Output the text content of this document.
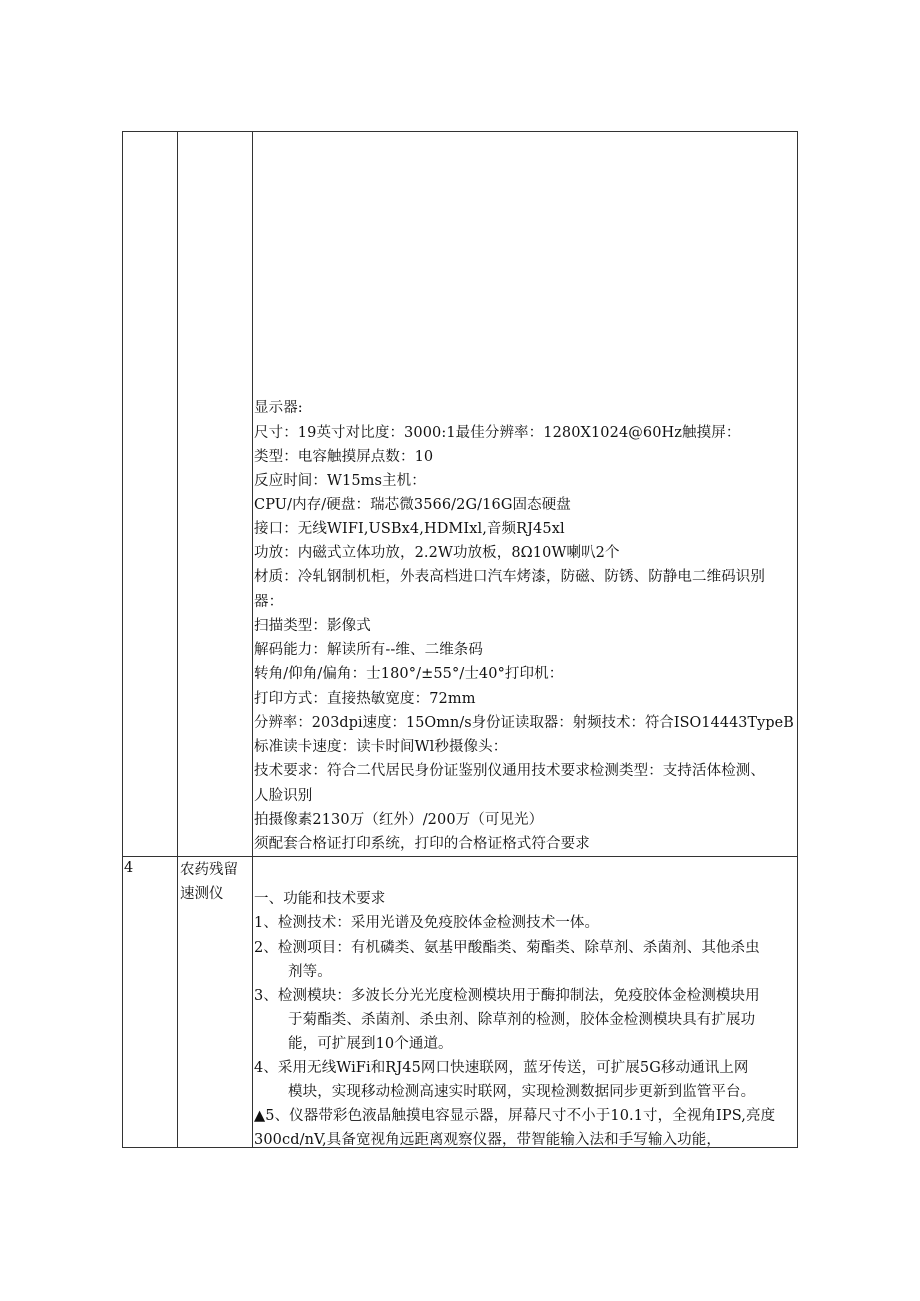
显示器:
尺寸：19英寸对比度：3000:1最佳分辨率：1280X1024@60Hz触摸屏：
类型：电容触摸屏点数：10
反应时间：W15ms主机：
CPU/内存/硬盘：瑞芯微3566/2G/16G固态硬盘
接口：无线WIFI,USBx4,HDMIxl,音频RJ45xl
功放：内磁式立体功放，2.2W功放板，8Ω10W喇叭2个
材质：冷轧钢制机柜，外表高档进口汽车烤漆，防磁、防锈、防静电二维码识别
器：
扫描类型：影像式
解码能力：解读所有--维、二维条码
转角/仰角/偏角：士180°/±55°/士40°打印机：
打印方式：直接热敏宽度：72mm
分辨率：203dpi速度：15Omn/s身份证读取器：射频技术：符合ISO14443TypeB
标准读卡速度：读卡时间Wl秒摄像头：
技术要求：符合二代居民身份证鉴别仪通用技术要求检测类型：支持活体检测、
人脸识别
拍摄像素2130万（红外）/200万（可见光）
须配套合格证打印系统，打印的合格证格式符合要求
4	农药残留
速测仪 一、功能和技术要求
1、检测技术：采用光谱及免疫胶体金检测技术一体。
2、检测项目：有机磷类、氨基甲酸酯类、菊酯类、除草剂、杀菌剂、其他杀虫
剂等。
3、检测模块：多波长分光光度检测模块用于酶抑制法，免疫胶体金检测模块用
于菊酯类、杀菌剂、杀虫剂、除草剂的检测，胶体金检测模块具有扩展功
能，可扩展到10个通道。
4、采用无线WiFi和RJ45网口快速联网，蓝牙传送，可扩展5G移动通讯上网
模块，实现移动检测高速实时联网，实现检测数据同步更新到监管平台。
▲5、仪器带彩色液晶触摸电容显示器，屏幕尺寸不小于10.1寸，全视角IPS,亮度
300cd/nV,具备宽视角远距离观察仪器，带智能输入法和手写输入功能，
